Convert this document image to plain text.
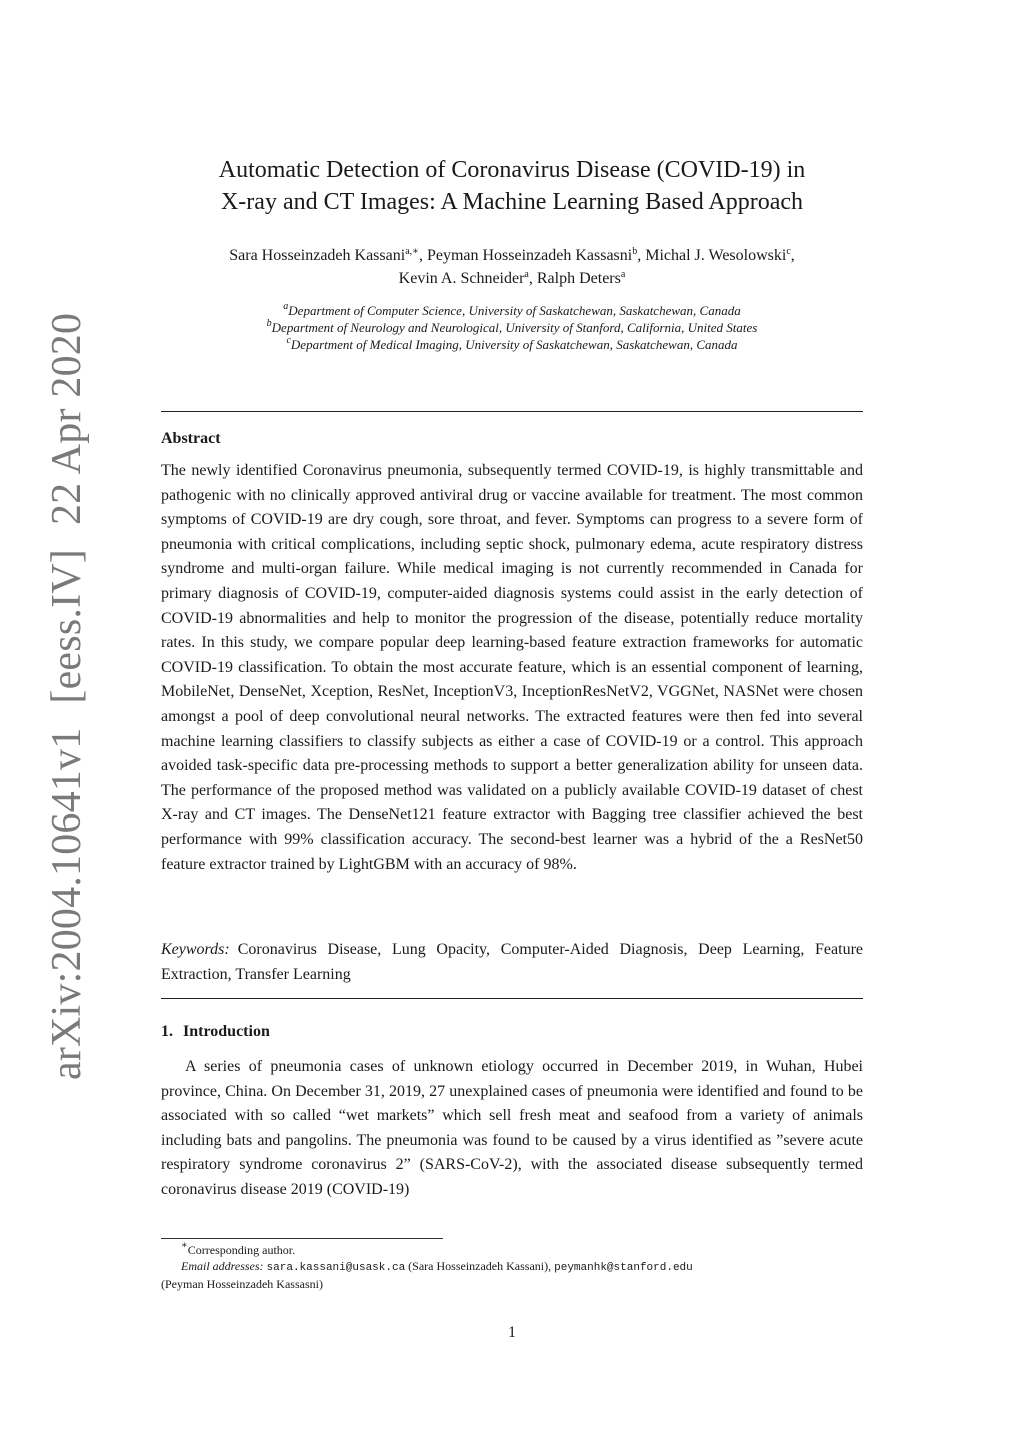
arXiv:2004.10641v1[eess.IV]22 Apr 2020
Automatic Detection of Coronavirus Disease (COVID-19) in
X-ray and CT Images: A Machine Learning Based Approach
Sara Hosseinzadeh Kassani$^{a,∗}$, Peyman Hosseinzadeh Kassasni$^b$, Michal J. Wesolowski$^c$,
Kevin A. Schneider$^a$, Ralph Deters$^a$
$^a$Department of Computer Science, University of Saskatchewan, Saskatchewan, Canada
$^b$Department of Neurology and Neurological, University of Stanford, California, United States
$^c$Department of Medical Imaging, University of Saskatchewan, Saskatchewan, Canada
Abstract

The newly identified Coronavirus pneumonia, subsequently termed COVID-19, is highly transmittable and pathogenic with no clinically approved antiviral drug or vaccine available for treatment. The most common symptoms of COVID-19 are dry cough, sore throat, and fever. Symptoms can progress to a severe form of pneumonia with critical complications, including septic shock, pulmonary edema, acute respiratory distress syndrome and multi-organ failure. While medical imaging is not currently recommended in Canada for primary diagnosis of COVID-19, computer-aided diagnosis systems could assist in the early detection of COVID-19 abnormalities and help to monitor the progression of the disease, potentially reduce mortality rates. In this study, we compare popular deep learning-based feature extraction frameworks for automatic COVID-19 classification. To obtain the most accurate feature, which is an essential component of learning, MobileNet, DenseNet, Xception, ResNet, InceptionV3, InceptionResNetV2, VGGNet, NASNet were chosen amongst a pool of deep convolutional neural networks. The extracted features were then fed into several machine learning classifiers to classify subjects as either a case of COVID-19 or a control. This approach avoided task-specific data pre-processing methods to support a better generalization ability for unseen data. The performance of the proposed method was validated on a publicly available COVID-19 dataset of chest X-ray and CT images. The DenseNet121 feature extractor with Bagging tree classifier achieved the best performance with 99% classification accuracy. The second-best learner was a hybrid of the a ResNet50 feature extractor trained by LightGBM with an accuracy of 98%.

Keywords: Coronavirus Disease, Lung Opacity, Computer-Aided Diagnosis, Deep Learning, Feature Extraction, Transfer Learning
1. Introduction

A series of pneumonia cases of unknown etiology occurred in December 2019, in Wuhan, Hubei province, China. On December 31, 2019, 27 unexplained cases of pneumonia were identified and found to be associated with so called “wet markets” which sell fresh meat and seafood from a variety of animals including bats and pangolins. The pneumonia was found to be caused by a virus identified as ”severe acute respiratory syndrome coronavirus 2” (SARS-CoV-2), with the associated disease subsequently termed coronavirus disease 2019 (COVID-19)

∗Corresponding author.
Email addresses: sara.kassani@usask.ca (Sara Hosseinzadeh Kassani), peymanhk@stanford.edu
(Peyman Hosseinzadeh Kassasni)
1
